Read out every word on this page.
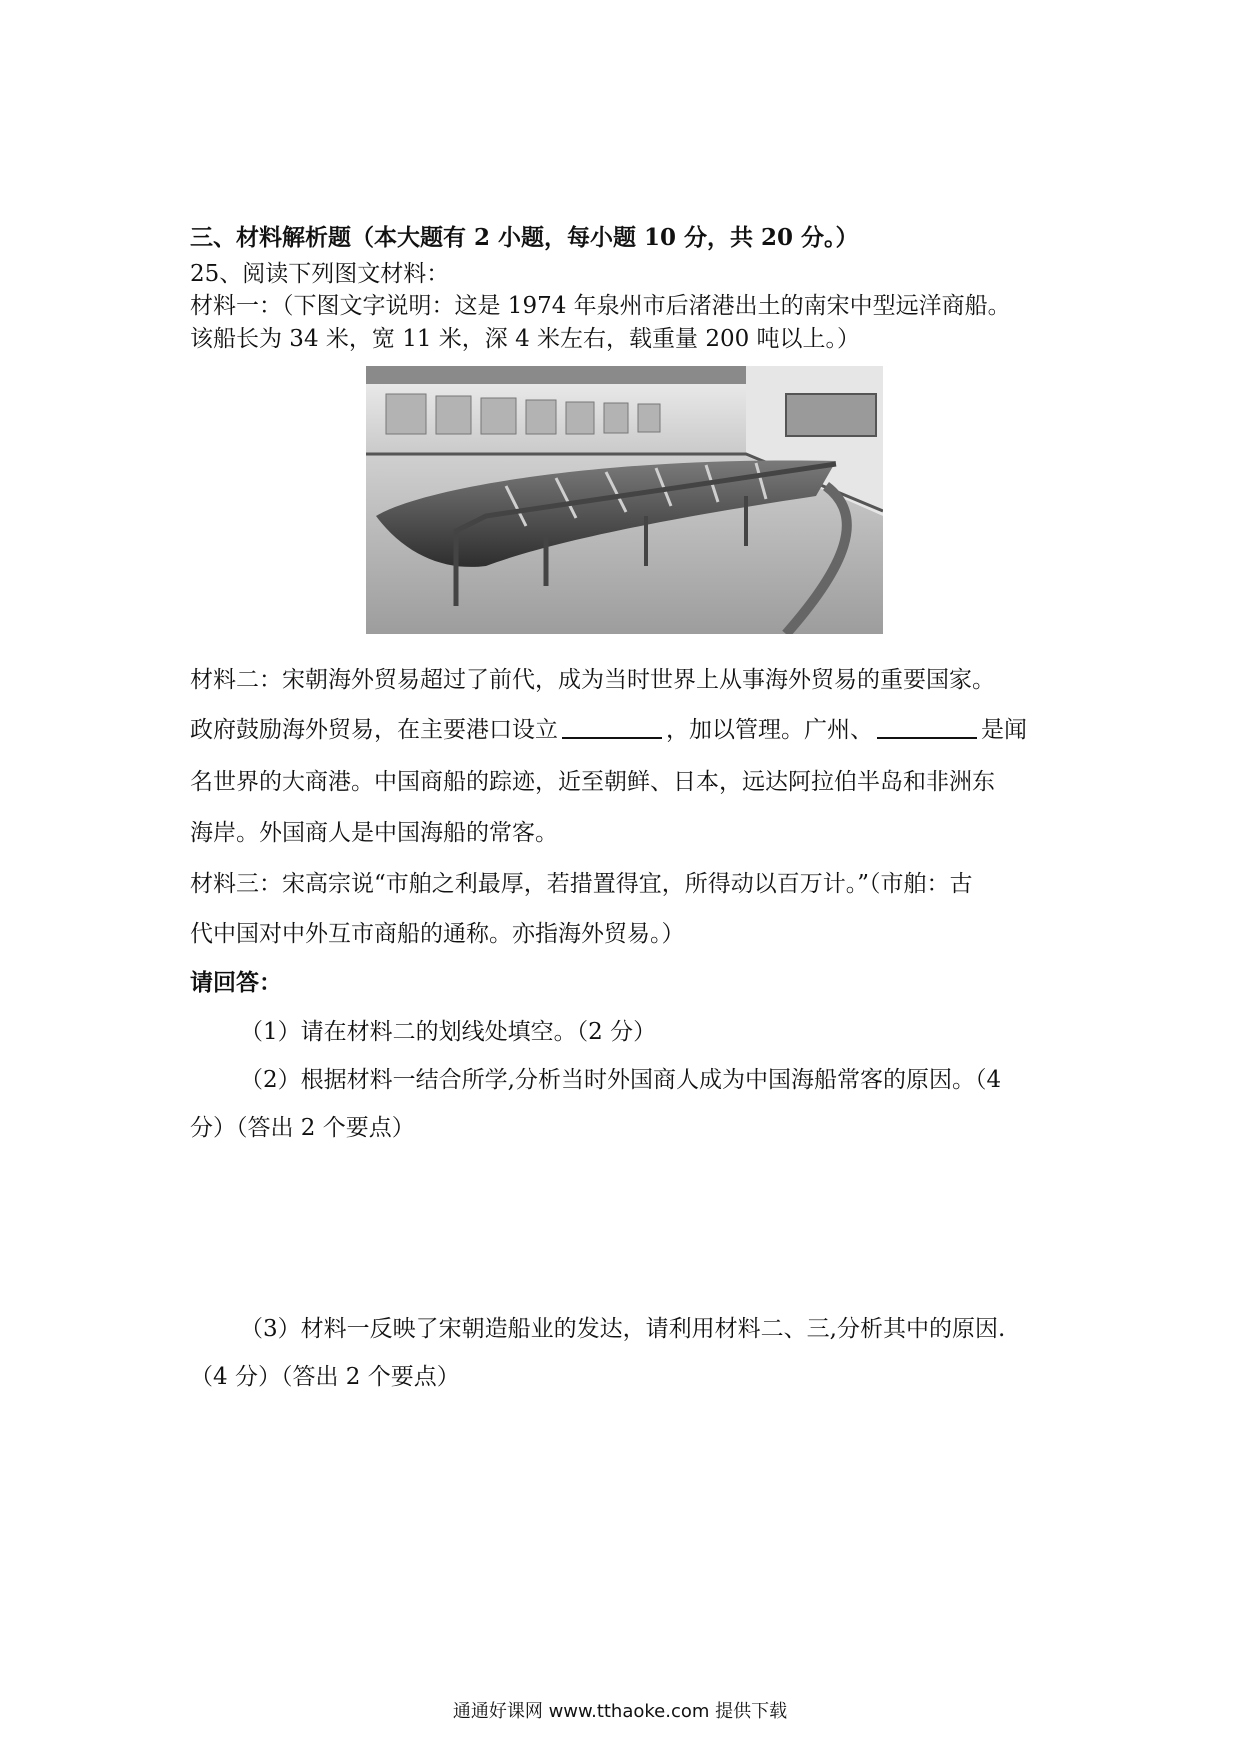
三、材料解析题（本大题有 2 小题，每小题 10 分，共 20 分。）
25、阅读下列图文材料：
材料一：（下图文字说明：这是 1974 年泉州市后渚港出土的南宋中型远洋商船。
该船长为 34 米，宽 11 米，深 4 米左右，载重量 200 吨以上。）
材料二：宋朝海外贸易超过了前代，成为当时世界上从事海外贸易的重要国家。
政府鼓励海外贸易，在主要港口设立	，加以管理。广州、	是闻
名世界的大商港。中国商船的踪迹，近至朝鲜、日本，远达阿拉伯半岛和非洲东
海岸。外国商人是中国海船的常客。
材料三：宋高宗说“市舶之利最厚，若措置得宜，所得动以百万计。”（市舶：古
代中国对中外互市商船的通称。亦指海外贸易。）
请回答：
（1）请在材料二的划线处填空。（2 分）
（2）根据材料一结合所学,分析当时外国商人成为中国海船常客的原因。（4
分）（答出 2 个要点）
（3）材料一反映了宋朝造船业的发达，请利用材料二、三,分析其中的原因.
（4 分）（答出 2 个要点）
通通好课网 www.tthaoke.com 提供下载
